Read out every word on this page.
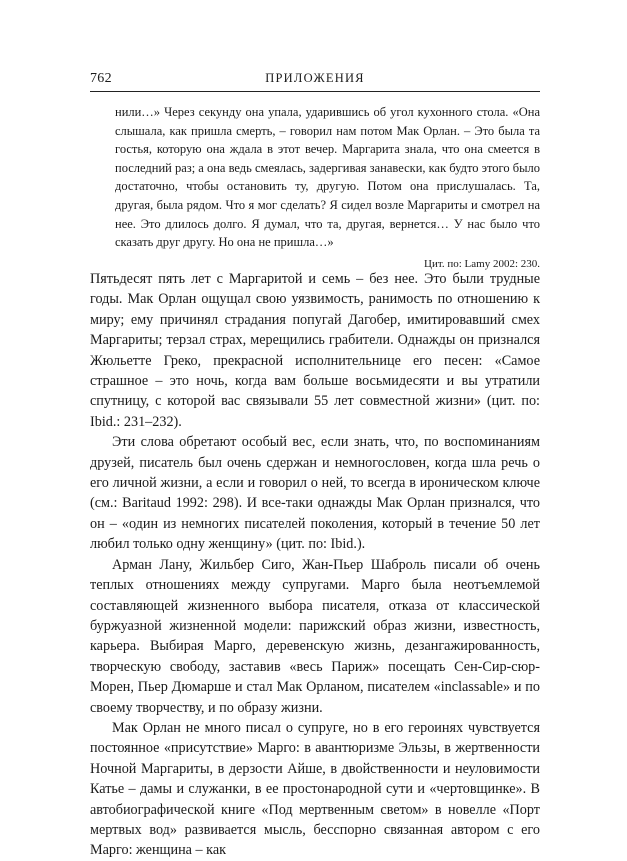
762	ПРИЛОЖЕНИЯ

нили…» Через секунду она упала, ударившись об угол кухонного стола. «Она слышала, как пришла смерть, – говорил нам потом Мак Орлан. – Это была та гостья, которую она ждала в этот вечер. Маргарита знала, что она смеется в последний раз; а она ведь смеялась, задергивая занавески, как будто этого было достаточно, чтобы остановить ту, другую. Потом она прислушалась. Та, другая, была рядом. Что я мог сделать? Я сидел возле Маргариты и смотрел на нее. Это длилось долго. Я думал, что та, другая, вернется… У нас было что сказать друг другу. Но она не пришла…»

Цит. по: Lamy 2002: 230.

Пятьдесят пять лет с Маргаритой и семь – без нее. Это были трудные годы. Мак Орлан ощущал свою уязвимость, ранимость по отношению к миру; ему причинял страдания попугай Дагобер, имитировавший смех Маргариты; терзал страх, мерещились грабители. Однажды он признался Жюльетте Греко, прекрасной исполнительнице его песен: «Самое страшное – это ночь, когда вам больше восьмидесяти и вы утратили спутницу, с которой вас связывали 55 лет совместной жизни» (цит. по: Ibid.: 231–232).

Эти слова обретают особый вес, если знать, что, по воспоминаниям друзей, писатель был очень сдержан и немногословен, когда шла речь о его личной жизни, а если и говорил о ней, то всегда в ироническом ключе (см.: Baritaud 1992: 298). И все-таки однажды Мак Орлан признался, что он – «один из немногих писателей поколения, который в течение 50 лет любил только одну женщину» (цит. по: Ibid.).

Арман Лану, Жильбер Сиго, Жан-Пьер Шаброль писали об очень теплых отношениях между супругами. Марго была неотъемлемой составляющей жизненного выбора писателя, отказа от классической буржуазной жизненной модели: парижский образ жизни, известность, карьера. Выбирая Марго, деревенскую жизнь, дезангажированность, творческую свободу, заставив «весь Париж» посещать Сен-Сир-сюр-Морен, Пьер Дюмарше и стал Мак Орланом, писателем «inclassable» и по своему творчеству, и по образу жизни.

Мак Орлан не много писал о супруге, но в его героинях чувствуется постоянное «присутствие» Марго: в авантюризме Эльзы, в жертвенности Ночной Маргариты, в дерзости Айше, в двойственности и неуловимости Катье – дамы и служанки, в ее простонародной сути и «чертовщинке». В автобиографической книге «Под мертвенным светом» в новелле «Порт мертвых вод» развивается мысль, бесспорно связанная автором с его Марго: женщина – как
